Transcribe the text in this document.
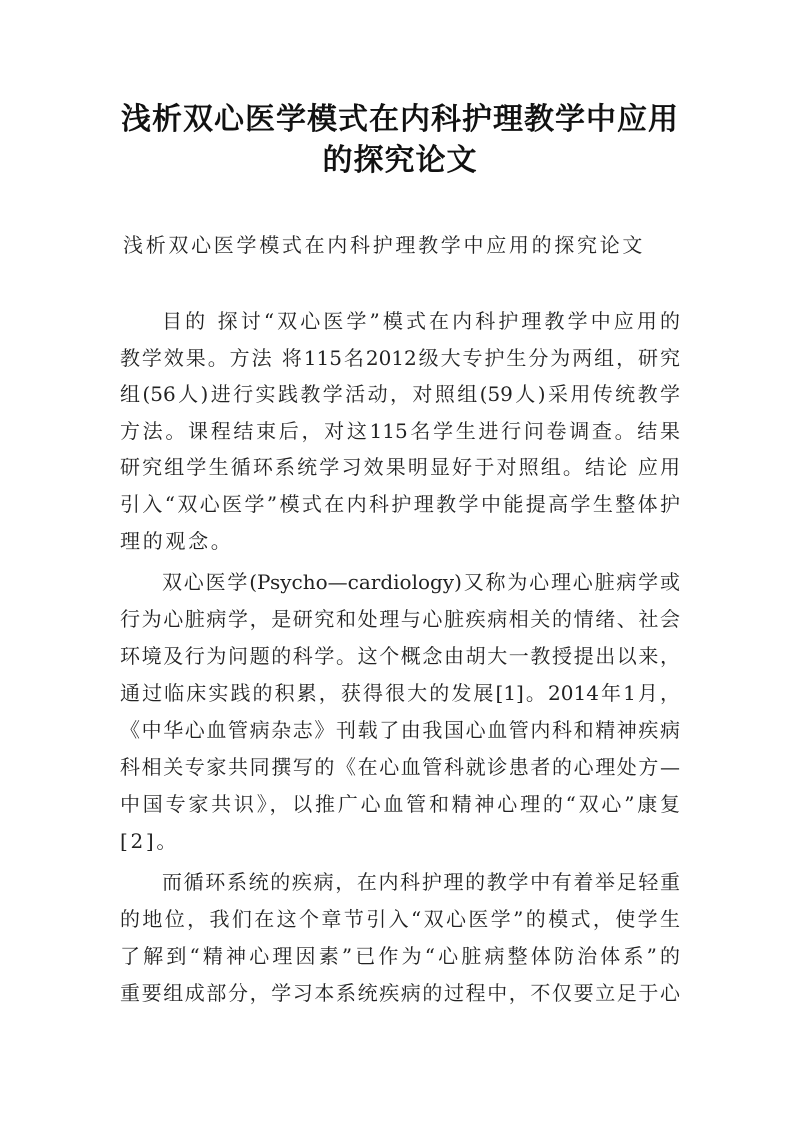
浅析双心医学模式在内科护理教学中应用
的探究论文
浅析双心医学模式在内科护理教学中应用的探究论文
目的 探讨“双心医学”模式在内科护理教学中应用的
教学效果。方法 将115名2012级大专护生分为两组，研究
组(56人)进行实践教学活动，对照组(59人)采用传统教学
方法。课程结束后，对这115名学生进行问卷调查。结果
研究组学生循环系统学习效果明显好于对照组。结论 应用
引入“双心医学”模式在内科护理教学中能提高学生整体护
理的观念。
双心医学(Psycho—cardiology)又称为心理心脏病学或
行为心脏病学，是研究和处理与心脏疾病相关的情绪、社会
环境及行为问题的科学。这个概念由胡大一教授提出以来，
通过临床实践的积累，获得很大的发展[1]。2014年1月，
《中华心血管病杂志》刊载了由我国心血管内科和精神疾病
科相关专家共同撰写的《在心血管科就诊患者的心理处方—
中国专家共识》，以推广心血管和精神心理的“双心”康复
[2]。
而循环系统的疾病，在内科护理的教学中有着举足轻重
的地位，我们在这个章节引入“双心医学”的模式，使学生
了解到“精神心理因素”已作为“心脏病整体防治体系”的
重要组成部分，学习本系统疾病的过程中，不仅要立足于心
